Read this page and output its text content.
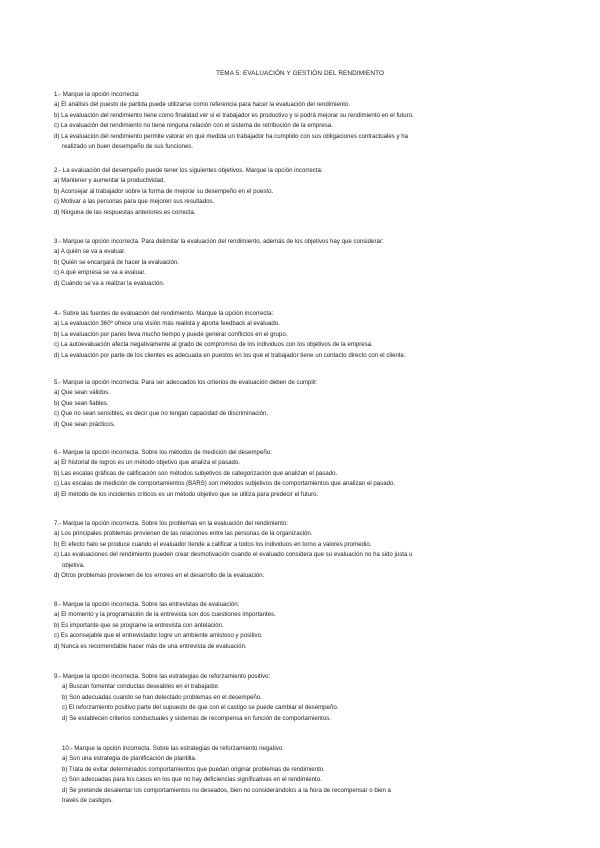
TEMA 5: EVALUACIÓN Y GESTIÓN DEL RENDIMIENTO

1.- Marque la opción incorrecta:

a) El análisis del puesto de partida puede utilizarse como referencia para hacer la evaluación del rendimiento.

b) La evaluación del rendimiento tiene como finalidad ver si el trabajador es productivo y si podrá mejorar su rendimiento en el futuro.

c) La evaluación del rendimiento no tiene ninguna relación con el sistema de retribución de la empresa.

d) La evaluación del rendimiento permite valorar en qué medida un trabajador ha cumplido con sus obligaciones contractuales y ha

realizado un buen desempeño de sus funciones.

2.- La evaluación del desempeño puede tener los siguientes objetivos. Marque la opción incorrecta:

a) Mantener y aumentar la productividad.

b) Aconsejar al trabajador sobre la forma de mejorar su desempeño en el puesto.

c) Motivar a las personas para que mejoren sus resultados.

d) Ninguna de las respuestas anteriores es correcta.

3.- Marque la opción incorrecta. Para delimitar la evaluación del rendimiento, además de los objetivos hay que considerar:

a) A quién se va a evaluar.

b) Quién se encargará de hacer la evaluación.

c) A qué empresa se va a evaluar.

d) Cuándo se va a realizar la evaluación.

4.- Sobre las fuentes de evaluación del rendimiento. Marque la opción incorrecta:

a) La evaluación 360º ofrece una visión más realista y aporta feedback al evaluado.

b) La evaluación por pares lleva mucho tiempo y puede generar conflictos en el grupo.

c) La autoevaluación afecta negativamente al grado de compromiso de los individuos con los objetivos de la empresa.

d) La evaluación por parte de los clientes es adecuada en puestos en los que el trabajador tiene un contacto directo con el cliente.

5.- Marque la opción incorrecta. Para ser adecuados los criterios de evaluación deben de cumplir:

a) Que sean válidos.

b) Que sean fiables.

c) Que no sean sensibles, es decir que no tengan capacidad de discriminación.

d) Que sean prácticos.

6.- Marque la opción incorrecta. Sobre los métodos de medición del desempeño:

a) El historial de logros es un método objetivo que analiza el pasado.

b) Las escalas gráficas de calificación son métodos subjetivos de categorización que analizan el pasado.

c) Las escalas de medición de comportamientos (BARS) son métodos subjetivos de comportamientos que analizan el pasado.

d) El método de los incidentes críticos es un método objetivo que se utiliza para predecir el futuro.

7.- Marque la opción incorrecta. Sobre los problemas en la evaluación del rendimiento:

a) Los principales problemas provienen de las relaciones entre las personas de la organización.

b) El efecto halo se produce cuando el evaluador tiende a calificar a todos los individuos en torno a valores promedio.

c) Las evaluaciones del rendimiento pueden crear desmotivación cuando el evaluado considera que su evaluación no ha sido justa u

objetiva.

d) Otros problemas provienen de los errores en el desarrollo de la evaluación.

8.- Marque la opción incorrecta. Sobre las entrevistas de evaluación:

a) El momento y la programación de la entrevista son dos cuestiones importantes.

b) Es importante que se programe la entrevista con antelación.

c) Es aconsejable que el entrevistador logre un ambiente amistoso y positivo.

d) Nunca es recomendable hacer más de una entrevista de evaluación.

9.- Marque la opción incorrecta. Sobre las estrategias de reforzamiento positivo:

a) Buscan fomentar conductas deseables en el trabajador.

b) Son adecuadas cuando se han detectado problemas en el desempeño.

c) El reforzamiento positivo parte del supuesto de que con el castigo se puede cambiar el desempeño.

d) Se establecen criterios conductuales y sistemas de recompensa en función de comportamientos.

10.- Marque la opción incorrecta. Sobre las estrategias de reforzamiento negativo:

a) Son una estrategia de planificación de plantilla.

b) Trata de evitar determinados comportamientos que puedan originar problemas de rendimiento.

c) Son adecuadas para los casos en los que no hay deficiencias significativas en el rendimiento.

d) Se pretende desalentar los comportamientos no deseados, bien no considerándolos a la hora de recompensar o bien a

través de castigos.
